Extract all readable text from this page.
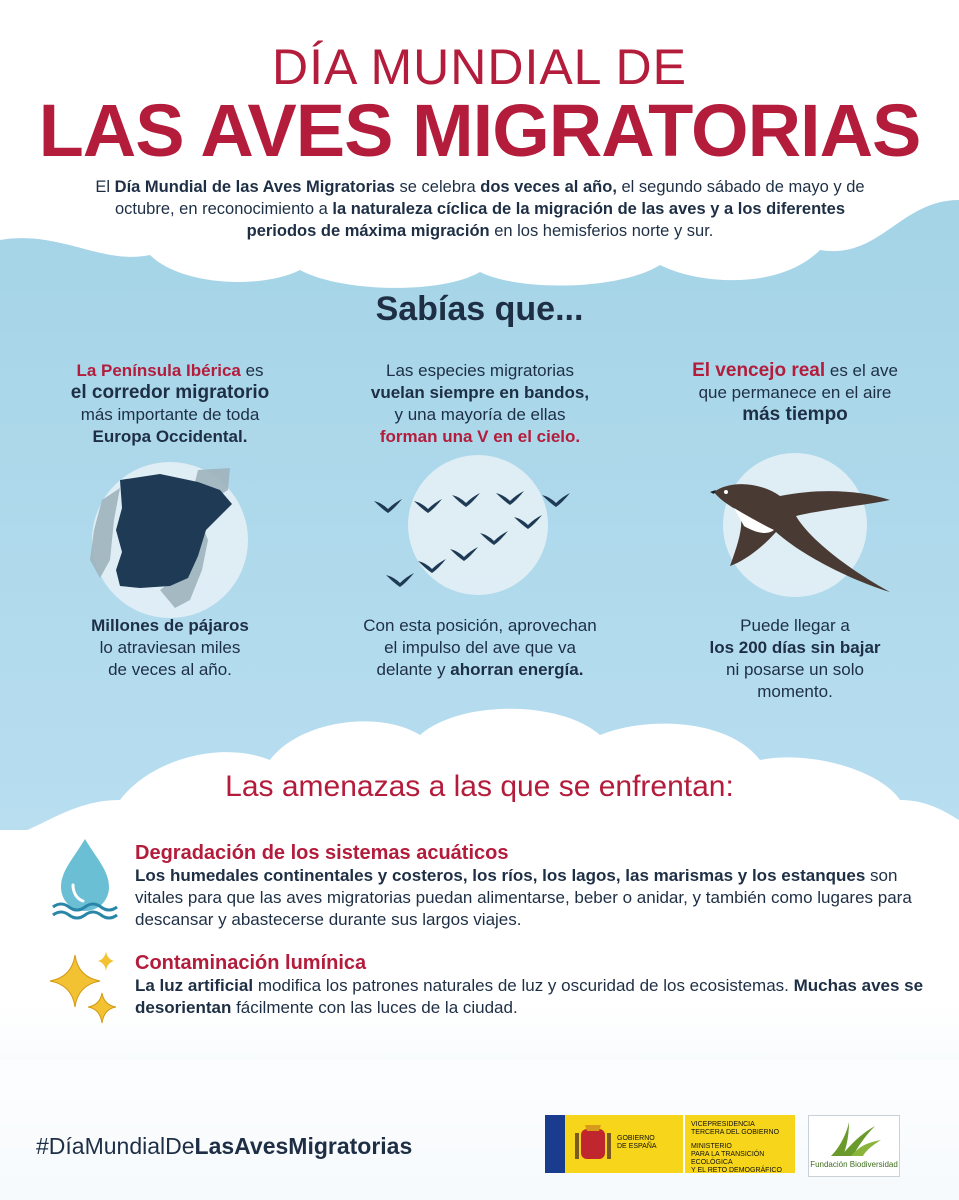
DÍA MUNDIAL DE
LAS AVES MIGRATORIAS
El Día Mundial de las Aves Migratorias se celebra dos veces al año, el segundo sábado de mayo y de octubre, en reconocimiento a la naturaleza cíclica de la migración de las aves y a los diferentes periodos de máxima migración en los hemisferios norte y sur.
Sabías que...
La Península Ibérica es
el corredor migratorio
más importante de toda
Europa Occidental.
Millones de pájaros
lo atraviesan miles
de veces al año.
Las especies migratorias
vuelan siempre en bandos,
y una mayoría de ellas
forman una V en el cielo.
Con esta posición, aprovechan
el impulso del ave que va
delante y ahorran energía.
El vencejo real es el ave
que permanece en el aire
más tiempo
Puede llegar a
los 200 días sin bajar
ni posarse un solo
momento.
Las amenazas a las que se enfrentan:
Degradación de los sistemas acuáticos
Los humedales continentales y costeros, los ríos, los lagos, las marismas y los estanques son vitales para que las aves migratorias puedan alimentarse, beber o anidar, y también como lugares para descansar y abastecerse durante sus largos viajes.
Contaminación lumínica
La luz artificial modifica los patrones naturales de luz y oscuridad de los ecosistemas. Muchas aves se desorientan fácilmente con las luces de la ciudad.
#DíaMundialDeLasAvesMigratorias	GOBIERNO
DE ESPAÑA
VICEPRESIDENCIA
TERCERA DEL GOBIERNO
MINISTERIO
PARA LA TRANSICIÓN ECOLÓGICA
Y EL RETO DEMOGRÁFICO
Fundación Biodiversidad
